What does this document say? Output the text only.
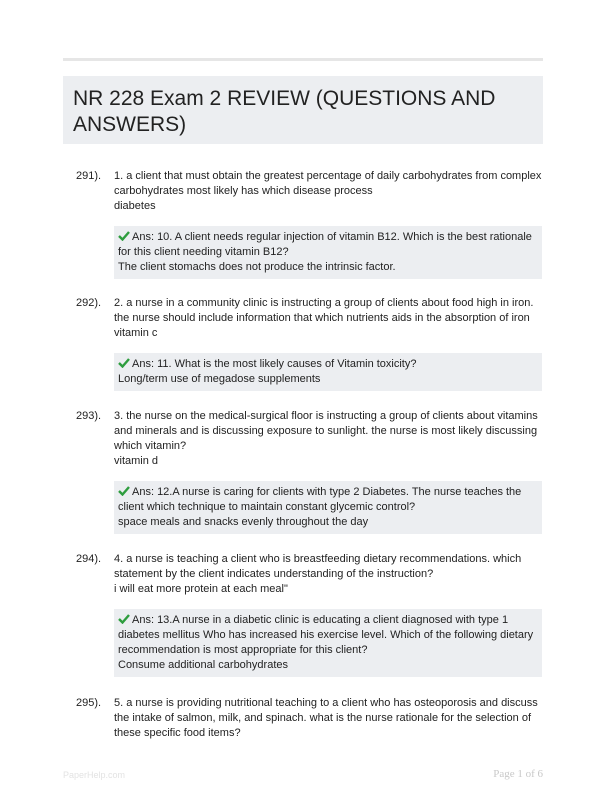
NR 228 Exam 2 REVIEW (QUESTIONS AND ANSWERS)
291). 1. a client that must obtain the greatest percentage of daily carbohydrates from complex carbohydrates most likely has which disease process
diabetes
Ans: 10. A client needs regular injection of vitamin B12. Which is the best rationale for this client needing vitamin B12?
The client stomachs does not produce the intrinsic factor.
292). 2. a nurse in a community clinic is instructing a group of clients about food high in iron. the nurse should include information that which nutrients aids in the absorption of iron
vitamin c
Ans: 11. What is the most likely causes of Vitamin toxicity?
Long/term use of megadose supplements
293). 3. the nurse on the medical-surgical floor is instructing a group of clients about vitamins and minerals and is discussing exposure to sunlight. the nurse is most likely discussing which vitamin?
vitamin d
Ans: 12.A nurse is caring for clients with type 2 Diabetes. The nurse teaches the client which technique to maintain constant glycemic control?
space meals and snacks evenly throughout the day
294). 4. a nurse is teaching a client who is breastfeeding dietary recommendations. which statement by the client indicates understanding of the instruction?
i will eat more protein at each meal"
Ans: 13.A nurse in a diabetic clinic is educating a client diagnosed with type 1 diabetes mellitus Who has increased his exercise level. Which of the following dietary recommendation is most appropriate for this client?
Consume additional carbohydrates
295). 5. a nurse is providing nutritional teaching to a client who has osteoporosis and discuss the intake of salmon, milk, and spinach. what is the nurse rationale for the selection of these specific food items?
PaperHelp.com	Page 1 of 6
